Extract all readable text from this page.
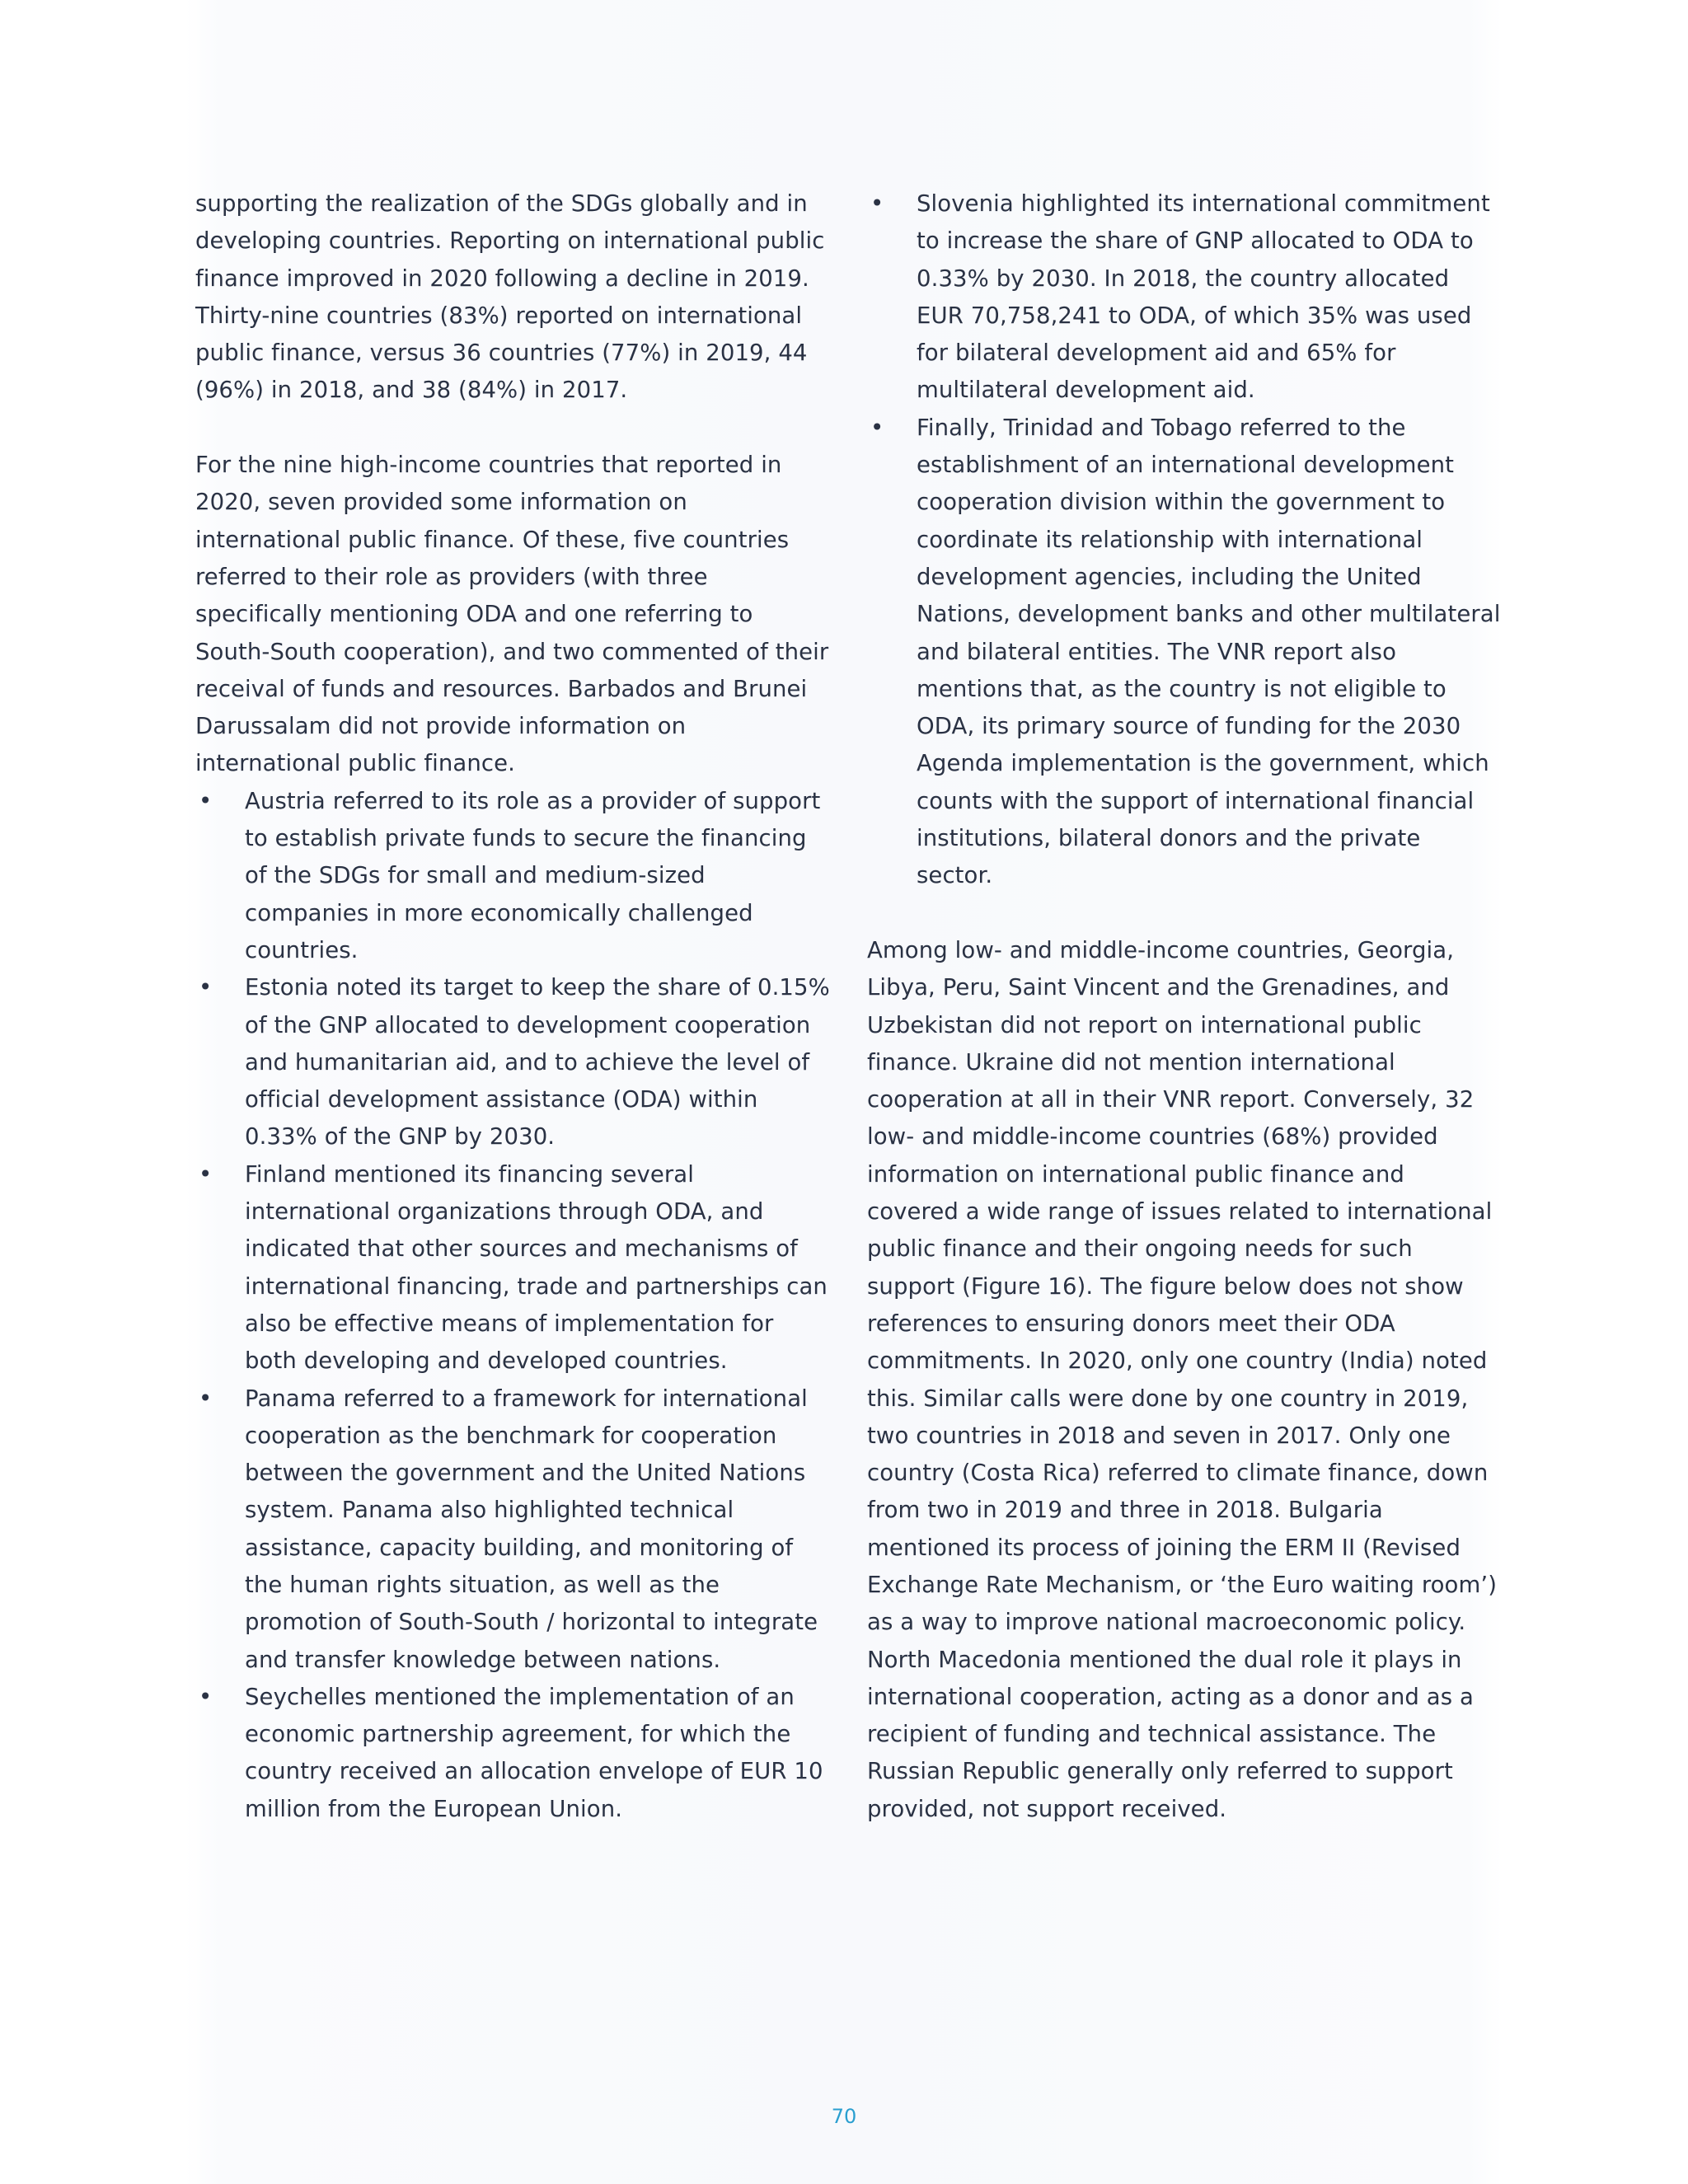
supporting the realization of the SDGs globally and in developing countries. Reporting on international public finance improved in 2020 following a decline in 2019. Thirty-nine countries (83%) reported on international public finance, versus 36 countries (77%) in 2019, 44 (96%) in 2018, and 38 (84%) in 2017.

For the nine high-income countries that reported in 2020, seven provided some information on international public finance. Of these, five countries referred to their role as providers (with three specifically mentioning ODA and one referring to South-South cooperation), and two commented of their receival of funds and resources. Barbados and Brunei Darussalam did not provide information on international public finance.

• Austria referred to its role as a provider of support to establish private funds to secure the financing of the SDGs for small and medium-sized companies in more economically challenged countries.
• Estonia noted its target to keep the share of 0.15% of the GNP allocated to development cooperation and humanitarian aid, and to achieve the level of official development assistance (ODA) within 0.33% of the GNP by 2030.
• Finland mentioned its financing several international organizations through ODA, and indicated that other sources and mechanisms of international financing, trade and partnerships can also be effective means of implementation for both developing and developed countries.
• Panama referred to a framework for international cooperation as the benchmark for cooperation between the government and the United Nations system. Panama also highlighted technical assistance, capacity building, and monitoring of the human rights situation, as well as the promotion of South-South / horizontal to integrate and transfer knowledge between nations.
• Seychelles mentioned the implementation of an economic partnership agreement, for which the country received an allocation envelope of EUR 10 million from the European Union.
• Slovenia highlighted its international commitment to increase the share of GNP allocated to ODA to 0.33% by 2030. In 2018, the country allocated EUR 70,758,241 to ODA, of which 35% was used for bilateral development aid and 65% for multilateral development aid.
• Finally, Trinidad and Tobago referred to the establishment of an international development cooperation division within the government to coordinate its relationship with international development agencies, including the United Nations, development banks and other multilateral and bilateral entities. The VNR report also mentions that, as the country is not eligible to ODA, its primary source of funding for the 2030 Agenda implementation is the government, which counts with the support of international financial institutions, bilateral donors and the private sector.

Among low- and middle-income countries, Georgia, Libya, Peru, Saint Vincent and the Grenadines, and Uzbekistan did not report on international public finance. Ukraine did not mention international cooperation at all in their VNR report. Conversely, 32 low- and middle-income countries (68%) provided information on international public finance and covered a wide range of issues related to international public finance and their ongoing needs for such support (Figure 16). The figure below does not show references to ensuring donors meet their ODA commitments. In 2020, only one country (India) noted this. Similar calls were done by one country in 2019, two countries in 2018 and seven in 2017. Only one country (Costa Rica) referred to climate finance, down from two in 2019 and three in 2018. Bulgaria mentioned its process of joining the ERM II (Revised Exchange Rate Mechanism, or ‘the Euro waiting room’) as a way to improve national macroeconomic policy. North Macedonia mentioned the dual role it plays in international cooperation, acting as a donor and as a recipient of funding and technical assistance. The Russian Republic generally only referred to support provided, not support received.

70
